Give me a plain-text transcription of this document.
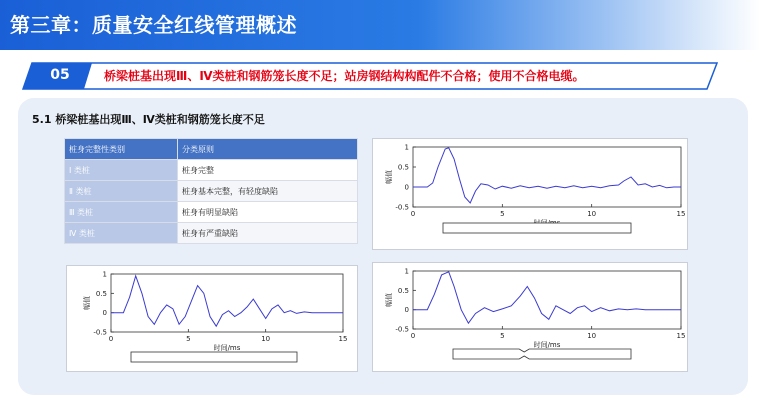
第三章：质量安全红线管理概述
05	桥梁桩基出现Ⅲ、Ⅳ类桩和钢筋笼长度不足；站房钢结构构配件不合格；使用不合格电缆。
5.1 桥梁桩基出现Ⅲ、Ⅳ类桩和钢筋笼长度不足
桩身完整性类别	分类原则
Ⅰ 类桩	桩身完整
Ⅱ 类桩	桩身基本完整，有轻度缺陷
Ⅲ 类桩	桩身有明显缺陷
Ⅳ 类桩	桩身有严重缺陷
-0.5
0
0.5
1
0	5	10	15
幅值
-0.5
0
0.5
1
0	5	10	15
时间/ms
幅值
-0.5
0
0.5
1
0	5	10	15
时间/ms
幅值
